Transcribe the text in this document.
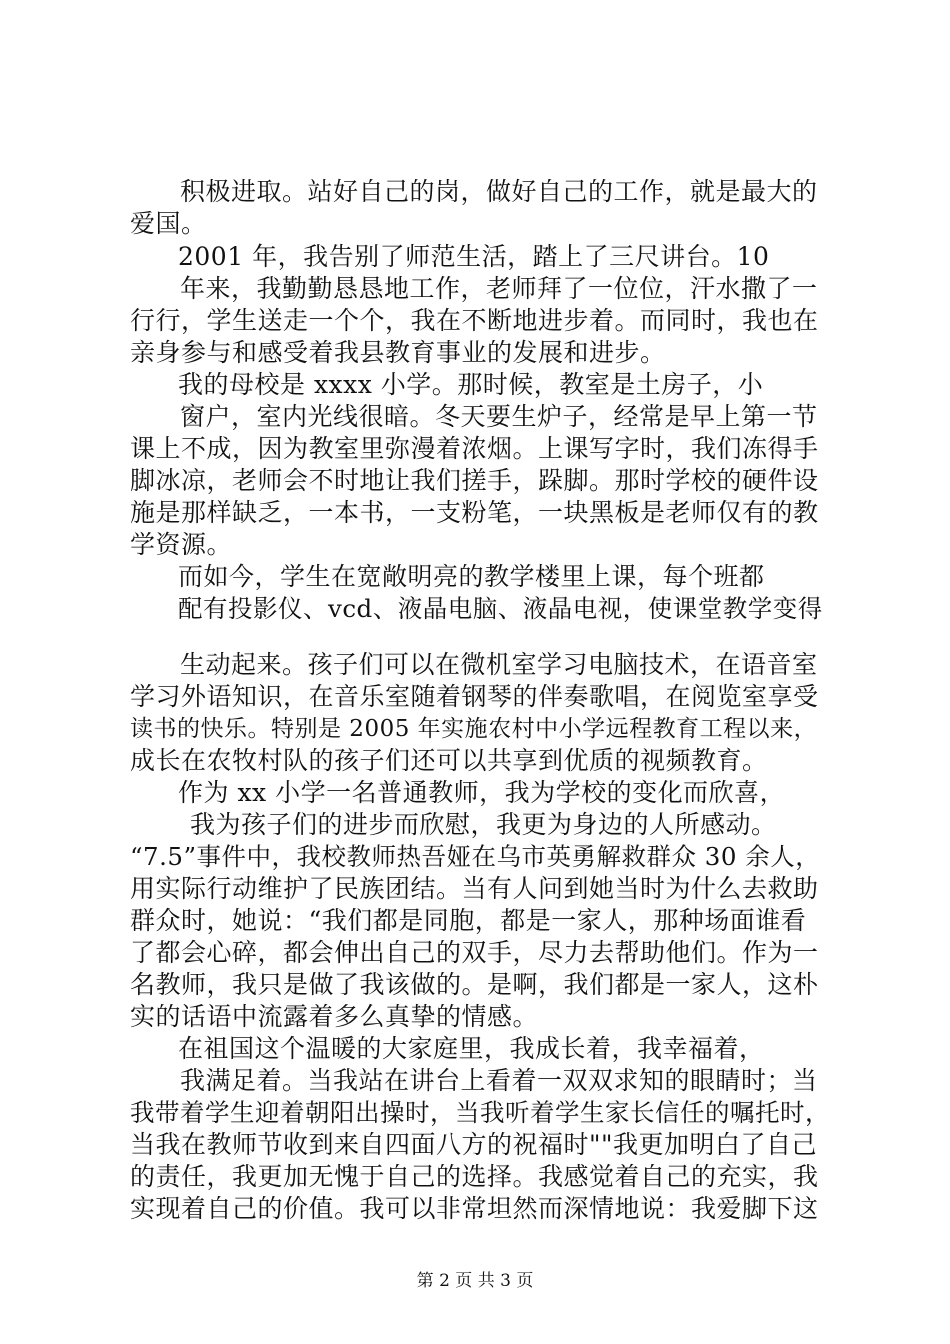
积极进取。站好自己的岗，做好自己的工作，就是最大的
爱国。
2001 年，我告别了师范生活，踏上了三尺讲台。10
年来，我勤勤恳恳地工作，老师拜了一位位，汗水撒了一
行行，学生送走一个个，我在不断地进步着。而同时，我也在
亲身参与和感受着我县教育事业的发展和进步。
我的母校是 xxxx 小学。那时候，教室是土房子，小
窗户，室内光线很暗。冬天要生炉子，经常是早上第一节
课上不成，因为教室里弥漫着浓烟。上课写字时，我们冻得手
脚冰凉，老师会不时地让我们搓手，跺脚。那时学校的硬件设
施是那样缺乏，一本书，一支粉笔，一块黑板是老师仅有的教
学资源。
而如今，学生在宽敞明亮的教学楼里上课，每个班都
配有投影仪、vcd、液晶电脑、液晶电视，使课堂教学变得
生动起来。孩子们可以在微机室学习电脑技术，在语音室
学习外语知识，在音乐室随着钢琴的伴奏歌唱，在阅览室享受
读书的快乐。特别是 2005 年实施农村中小学远程教育工程以来，
成长在农牧村队的孩子们还可以共享到优质的视频教育。
作为 xx 小学一名普通教师，我为学校的变化而欣喜，
我为孩子们的进步而欣慰，我更为身边的人所感动。
“7.5”事件中，我校教师热吾娅在乌市英勇解救群众 30 余人，
用实际行动维护了民族团结。当有人问到她当时为什么去救助
群众时，她说：“我们都是同胞，都是一家人，那种场面谁看
了都会心碎，都会伸出自己的双手，尽力去帮助他们。作为一
名教师，我只是做了我该做的。是啊，我们都是一家人，这朴
实的话语中流露着多么真挚的情感。
在祖国这个温暖的大家庭里，我成长着，我幸福着，
我满足着。当我站在讲台上看着一双双求知的眼睛时；当
我带着学生迎着朝阳出操时，当我听着学生家长信任的嘱托时，
当我在教师节收到来自四面八方的祝福时""我更加明白了自己
的责任，我更加无愧于自己的选择。我感觉着自己的充实，我
实现着自己的价值。我可以非常坦然而深情地说：我爱脚下这
第 2 页 共 3 页
